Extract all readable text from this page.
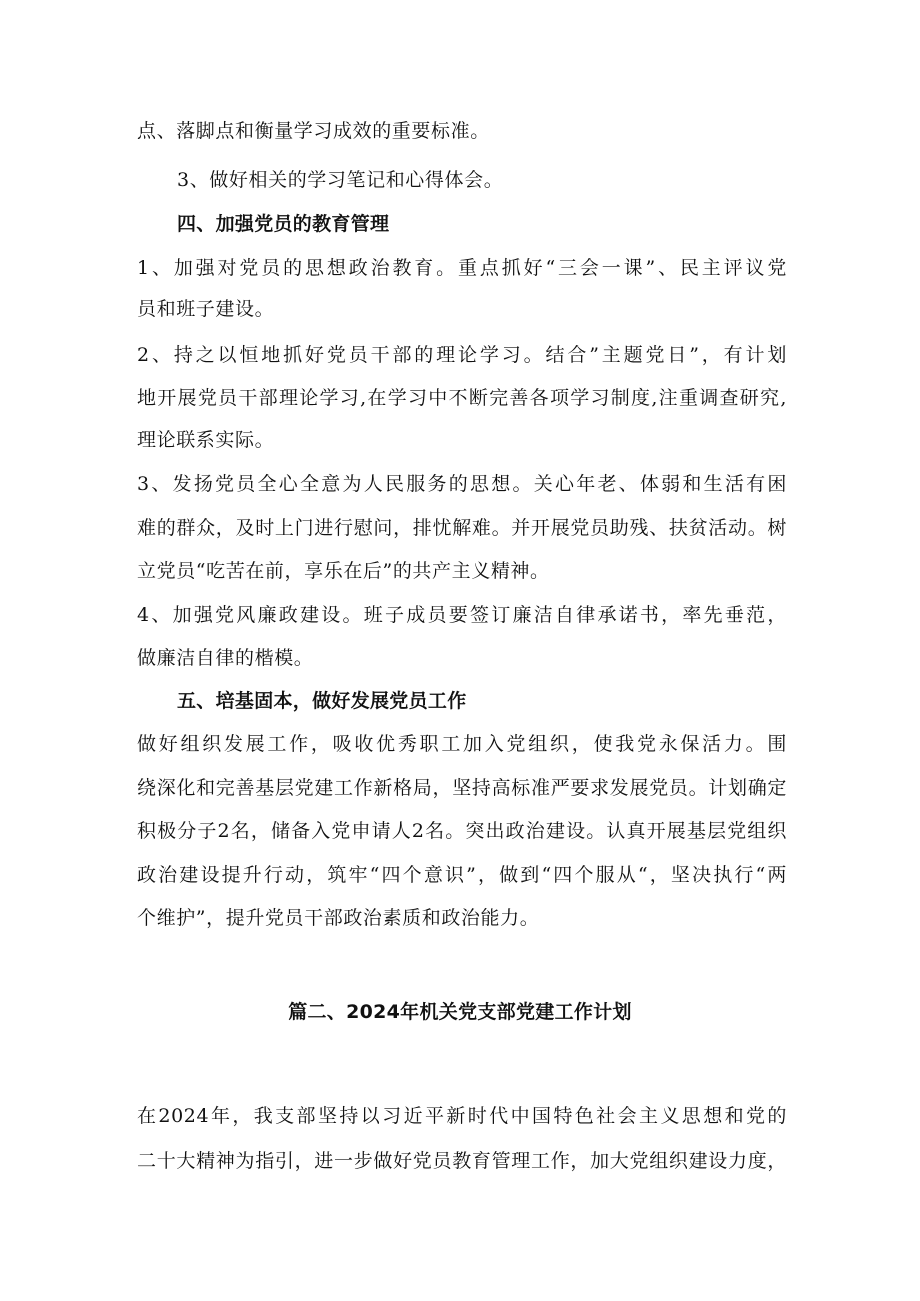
点、落脚点和衡量学习成效的重要标准。
3、做好相关的学习笔记和心得体会。
四、加强党员的教育管理
1、加强对党员的思想政治教育。重点抓好“三会一课”、民主评议党
员和班子建设。
2、持之以恒地抓好党员干部的理论学习。结合”主题党日”，有计划
地开展党员干部理论学习,在学习中不断完善各项学习制度,注重调查研究,
理论联系实际。
3、发扬党员全心全意为人民服务的思想。关心年老、体弱和生活有困
难的群众，及时上门进行慰问，排忧解难。并开展党员助残、扶贫活动。树
立党员“吃苦在前，享乐在后”的共产主义精神。
4、加强党风廉政建设。班子成员要签订廉洁自律承诺书，率先垂范，
做廉洁自律的楷模。
五、培基固本，做好发展党员工作
做好组织发展工作，吸收优秀职工加入党组织，使我党永保活力。围
绕深化和完善基层党建工作新格局，坚持高标准严要求发展党员。计划确定
积极分子2名，储备入党申请人2名。突出政治建设。认真开展基层党组织
政治建设提升行动，筑牢“四个意识”，做到“四个服从“，坚决执行“两
个维护”，提升党员干部政治素质和政治能力。
篇二、2024年机关党支部党建工作计划
在2024年，我支部坚持以习近平新时代中国特色社会主义思想和党的
二十大精神为指引，进一步做好党员教育管理工作，加大党组织建设力度，
